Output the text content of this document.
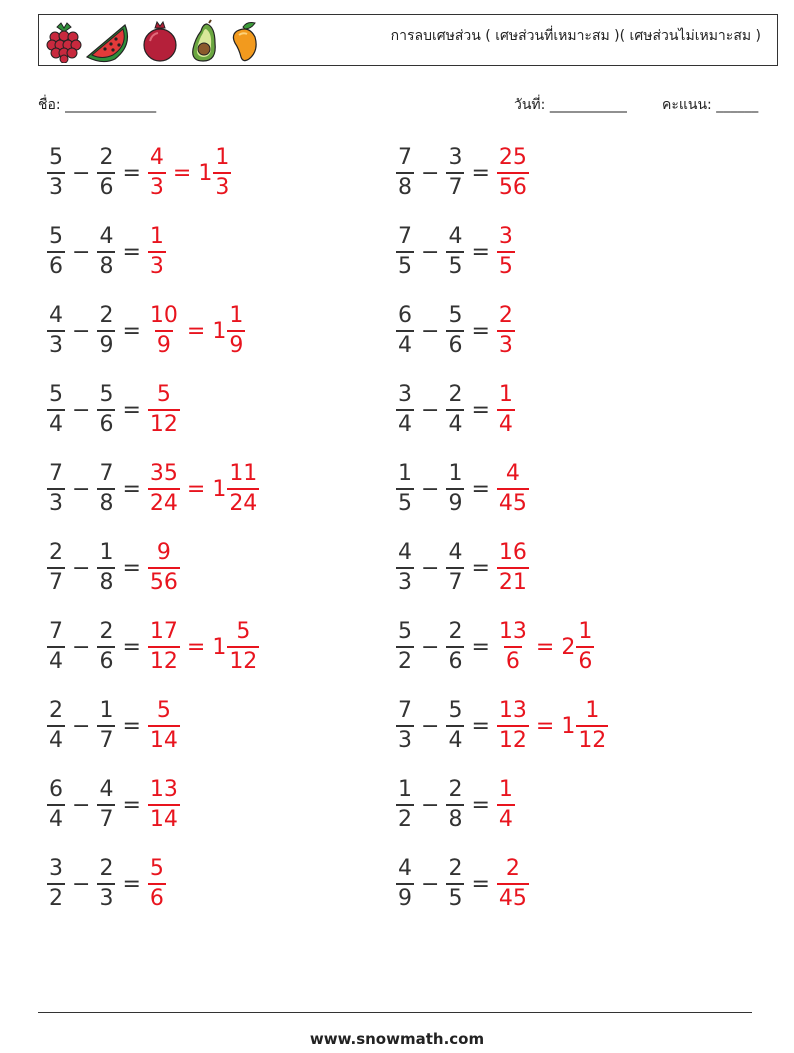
การลบเศษส่วน ( เศษส่วนที่เหมาะสม )( เศษส่วนไม่เหมาะสม )
ชื่อ: _____________	วันที่: ___________	คะแนน: ______
$\frac{5}{3} - \frac{2}{6} = \frac{4}{3} = 1 \frac{1}{3}$	$\frac{7}{8} - \frac{3}{7} = \frac{25}{56}$
$\frac{5}{6} - \frac{4}{8} = \frac{1}{3}$	$\frac{7}{5} - \frac{4}{5} = \frac{3}{5}$
$\frac{4}{3} - \frac{2}{9} = \frac{10}{9} = 1 \frac{1}{9}$	$\frac{6}{4} - \frac{5}{6} = \frac{2}{3}$
$\frac{5}{4} - \frac{5}{6} = \frac{5}{12}$	$\frac{3}{4} - \frac{2}{4} = \frac{1}{4}$
$\frac{7}{3} - \frac{7}{8} = \frac{35}{24} = 1 \frac{11}{24}$	$\frac{1}{5} - \frac{1}{9} = \frac{4}{45}$
$\frac{2}{7} - \frac{1}{8} = \frac{9}{56}$	$\frac{4}{3} - \frac{4}{7} = \frac{16}{21}$
$\frac{7}{4} - \frac{2}{6} = \frac{17}{12} = 1 \frac{5}{12}$	$\frac{5}{2} - \frac{2}{6} = \frac{13}{6} = 2 \frac{1}{6}$
$\frac{2}{4} - \frac{1}{7} = \frac{5}{14}$	$\frac{7}{3} - \frac{5}{4} = \frac{13}{12} = 1 \frac{1}{12}$
$\frac{6}{4} - \frac{4}{7} = \frac{13}{14}$	$\frac{1}{2} - \frac{2}{8} = \frac{1}{4}$
$\frac{3}{2} - \frac{2}{3} = \frac{5}{6}$	$\frac{4}{9} - \frac{2}{5} = \frac{2}{45}$
www.snowmath.com
